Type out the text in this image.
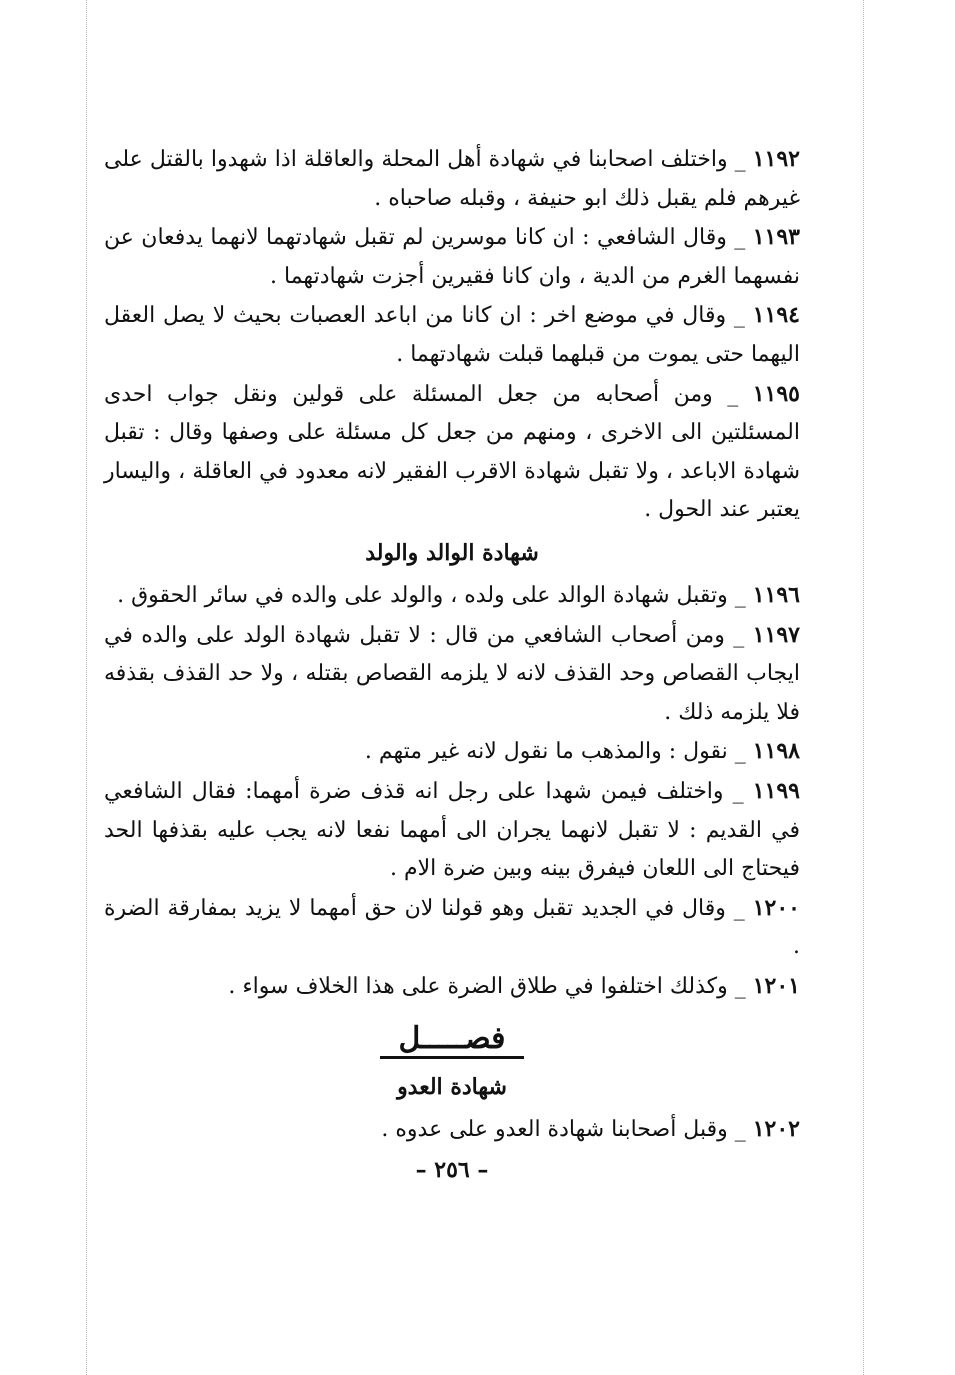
١١٩٢ _ واختلف اصحابنا في شهادة أهل المحلة والعاقلة اذا شهدوا بالقتل على غيرهم فلم يقبل ذلك ابو حنيفة ، وقبله صاحباه .

١١٩٣ _ وقال الشافعي : ان كانا موسرين لم تقبل شهادتهما لانهما يدفعان عن نفسهما الغرم من الدية ، وان كانا فقيرين أجزت شهادتهما .

١١٩٤ _ وقال في موضع اخر : ان كانا من اباعد العصبات بحيث لا يصل العقل اليهما حتى يموت من قبلهما قبلت شهادتهما .

١١٩٥ _ ومن أصحابه من جعل المسئلة على قولين ونقل جواب احدى المسئلتين الى الاخرى ، ومنهم من جعل كل مسئلة على وصفها وقال : تقبل شهادة الاباعد ، ولا تقبل شهادة الاقرب الفقير لانه معدود في العاقلة ، واليسار يعتبر عند الحول .

شهادة الوالد والولد

١١٩٦ _ وتقبل شهادة الوالد على ولده ، والولد على والده في سائر الحقوق .

١١٩٧ _ ومن أصحاب الشافعي من قال : لا تقبل شهادة الولد على والده في ايجاب القصاص وحد القذف لانه لا يلزمه القصاص بقتله ، ولا حد القذف بقذفه فلا يلزمه ذلك .

١١٩٨ _ نقول : والمذهب ما نقول لانه غير متهم .

١١٩٩ _ واختلف فيمن شهدا على رجل انه قذف ضرة أمهما: فقال الشافعي في القديم : لا تقبل لانهما يجران الى أمهما نفعا لانه يجب عليه بقذفها الحد فيحتاج الى اللعان فيفرق بينه وبين ضرة الام .

١٢٠٠ _ وقال في الجديد تقبل وهو قولنا لان حق أمهما لا يزيد بمفارقة الضرة .

١٢٠١ _ وكذلك اختلفوا في طلاق الضرة على هذا الخلاف سواء .

فصـــــل

شهادة العدو

١٢٠٢ _ وقبل أصحابنا شهادة العدو على عدوه .

– ٢٥٦ –
